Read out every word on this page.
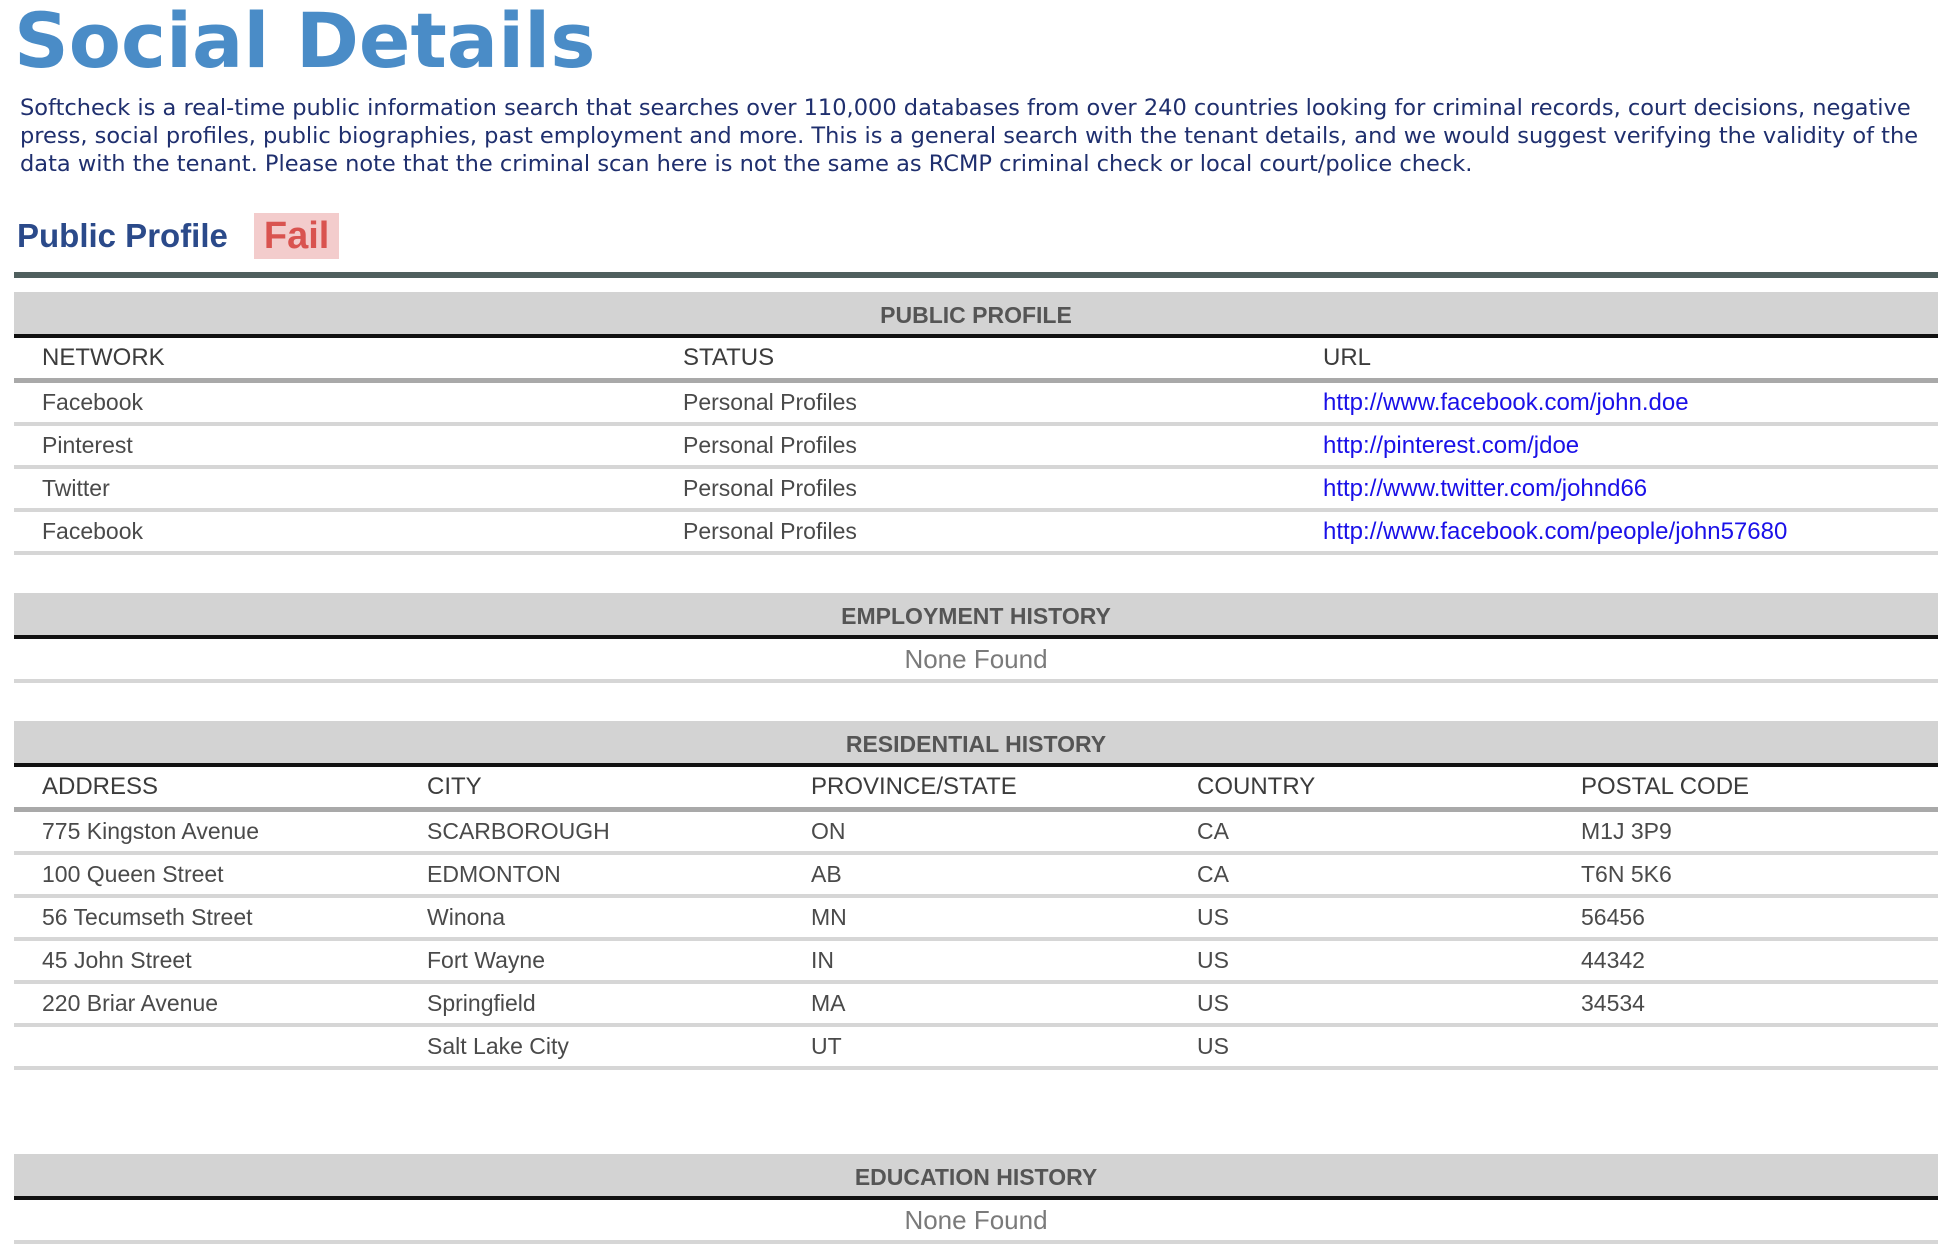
Social Details

Softcheck is a real-time public information search that searches over 110,000 databases from over 240 countries looking for criminal records, court decisions, negative press, social profiles, public biographies, past employment and more. This is a general search with the tenant details, and we would suggest verifying the validity of the data with the tenant. Please note that the criminal scan here is not the same as RCMP criminal check or local court/police check.

Public Profile Fail
PUBLIC PROFILE
NETWORK	STATUS	URL
Facebook	Personal Profiles	http://www.facebook.com/john.doe
Pinterest	Personal Profiles	http://pinterest.com/jdoe
Twitter	Personal Profiles	http://www.twitter.com/johnd66
Facebook	Personal Profiles	http://www.facebook.com/people/john57680
EMPLOYMENT HISTORY
None Found
RESIDENTIAL HISTORY
ADDRESS	CITY	PROVINCE/STATE	COUNTRY	POSTAL CODE
775 Kingston Avenue	SCARBOROUGH	ON	CA	M1J 3P9
100 Queen Street	EDMONTON	AB	CA	T6N 5K6
56 Tecumseth Street	Winona	MN	US	56456
45 John Street	Fort Wayne	IN	US	44342
220 Briar Avenue	Springfield	MA	US	34534
	Salt Lake City	UT	US	
EDUCATION HISTORY
None Found
